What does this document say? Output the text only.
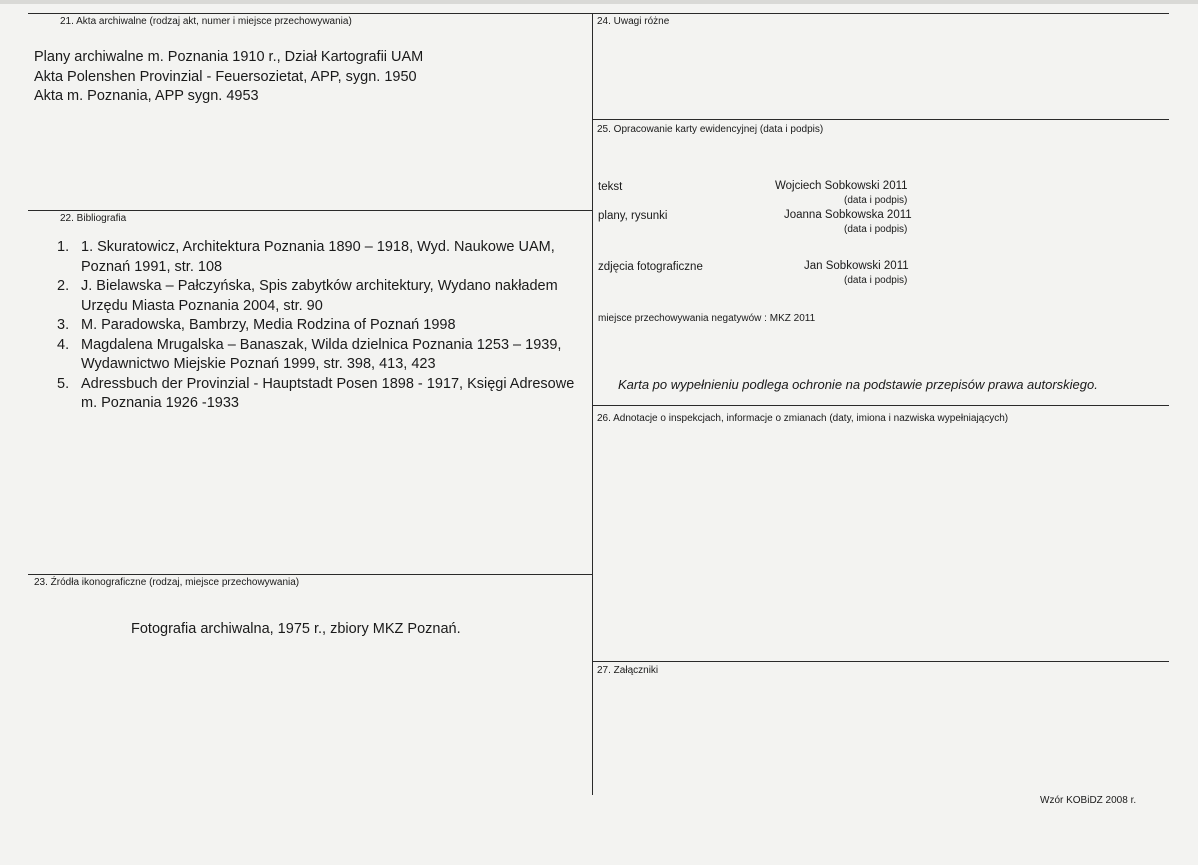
21. Akta archiwalne (rodzaj akt, numer i miejsce przechowywania)
Plany archiwalne m. Poznania 1910 r., Dział Kartografii UAM
Akta Polenshen Provinzial - Feuersozietat, APP, sygn. 1950
Akta m. Poznania, APP sygn. 4953
22. Bibliografia
1. 1. Skuratowicz, Architektura Poznania 1890 – 1918, Wyd. Naukowe UAM, Poznań 1991, str. 108
2. J. Bielawska – Pałczyńska, Spis zabytków architektury, Wydano nakładem Urzędu Miasta Poznania 2004, str. 90
3. M. Paradowska, Bambrzy, Media Rodzina of Poznań 1998
4. Magdalena Mrugalska – Banaszak, Wilda dzielnica Poznania 1253 – 1939, Wydawnictwo Miejskie Poznań 1999, str. 398, 413, 423
5. Adressbuch der Provinzial - Hauptstadt Posen 1898 - 1917, Księgi Adresowe m. Poznania 1926 -1933
23. Źródła ikonograficzne (rodzaj, miejsce przechowywania)
Fotografia archiwalna, 1975 r., zbiory MKZ Poznań.
24. Uwagi różne
25. Opracowanie karty ewidencyjnej (data i podpis)
tekst	Wojciech Sobkowski 2011
(data i podpis)
plany, rysunki	Joanna Sobkowska 2011
(data i podpis)
zdjęcia fotograficzne	Jan Sobkowski 2011
(data i podpis)
miejsce przechowywania negatywów : MKZ 2011
Karta po wypełnieniu podlega ochronie na podstawie przepisów prawa autorskiego.
26. Adnotacje o inspekcjach, informacje o zmianach (daty, imiona i nazwiska wypełniających)
27. Załączniki
Wzór KOBiDZ 2008 r.
